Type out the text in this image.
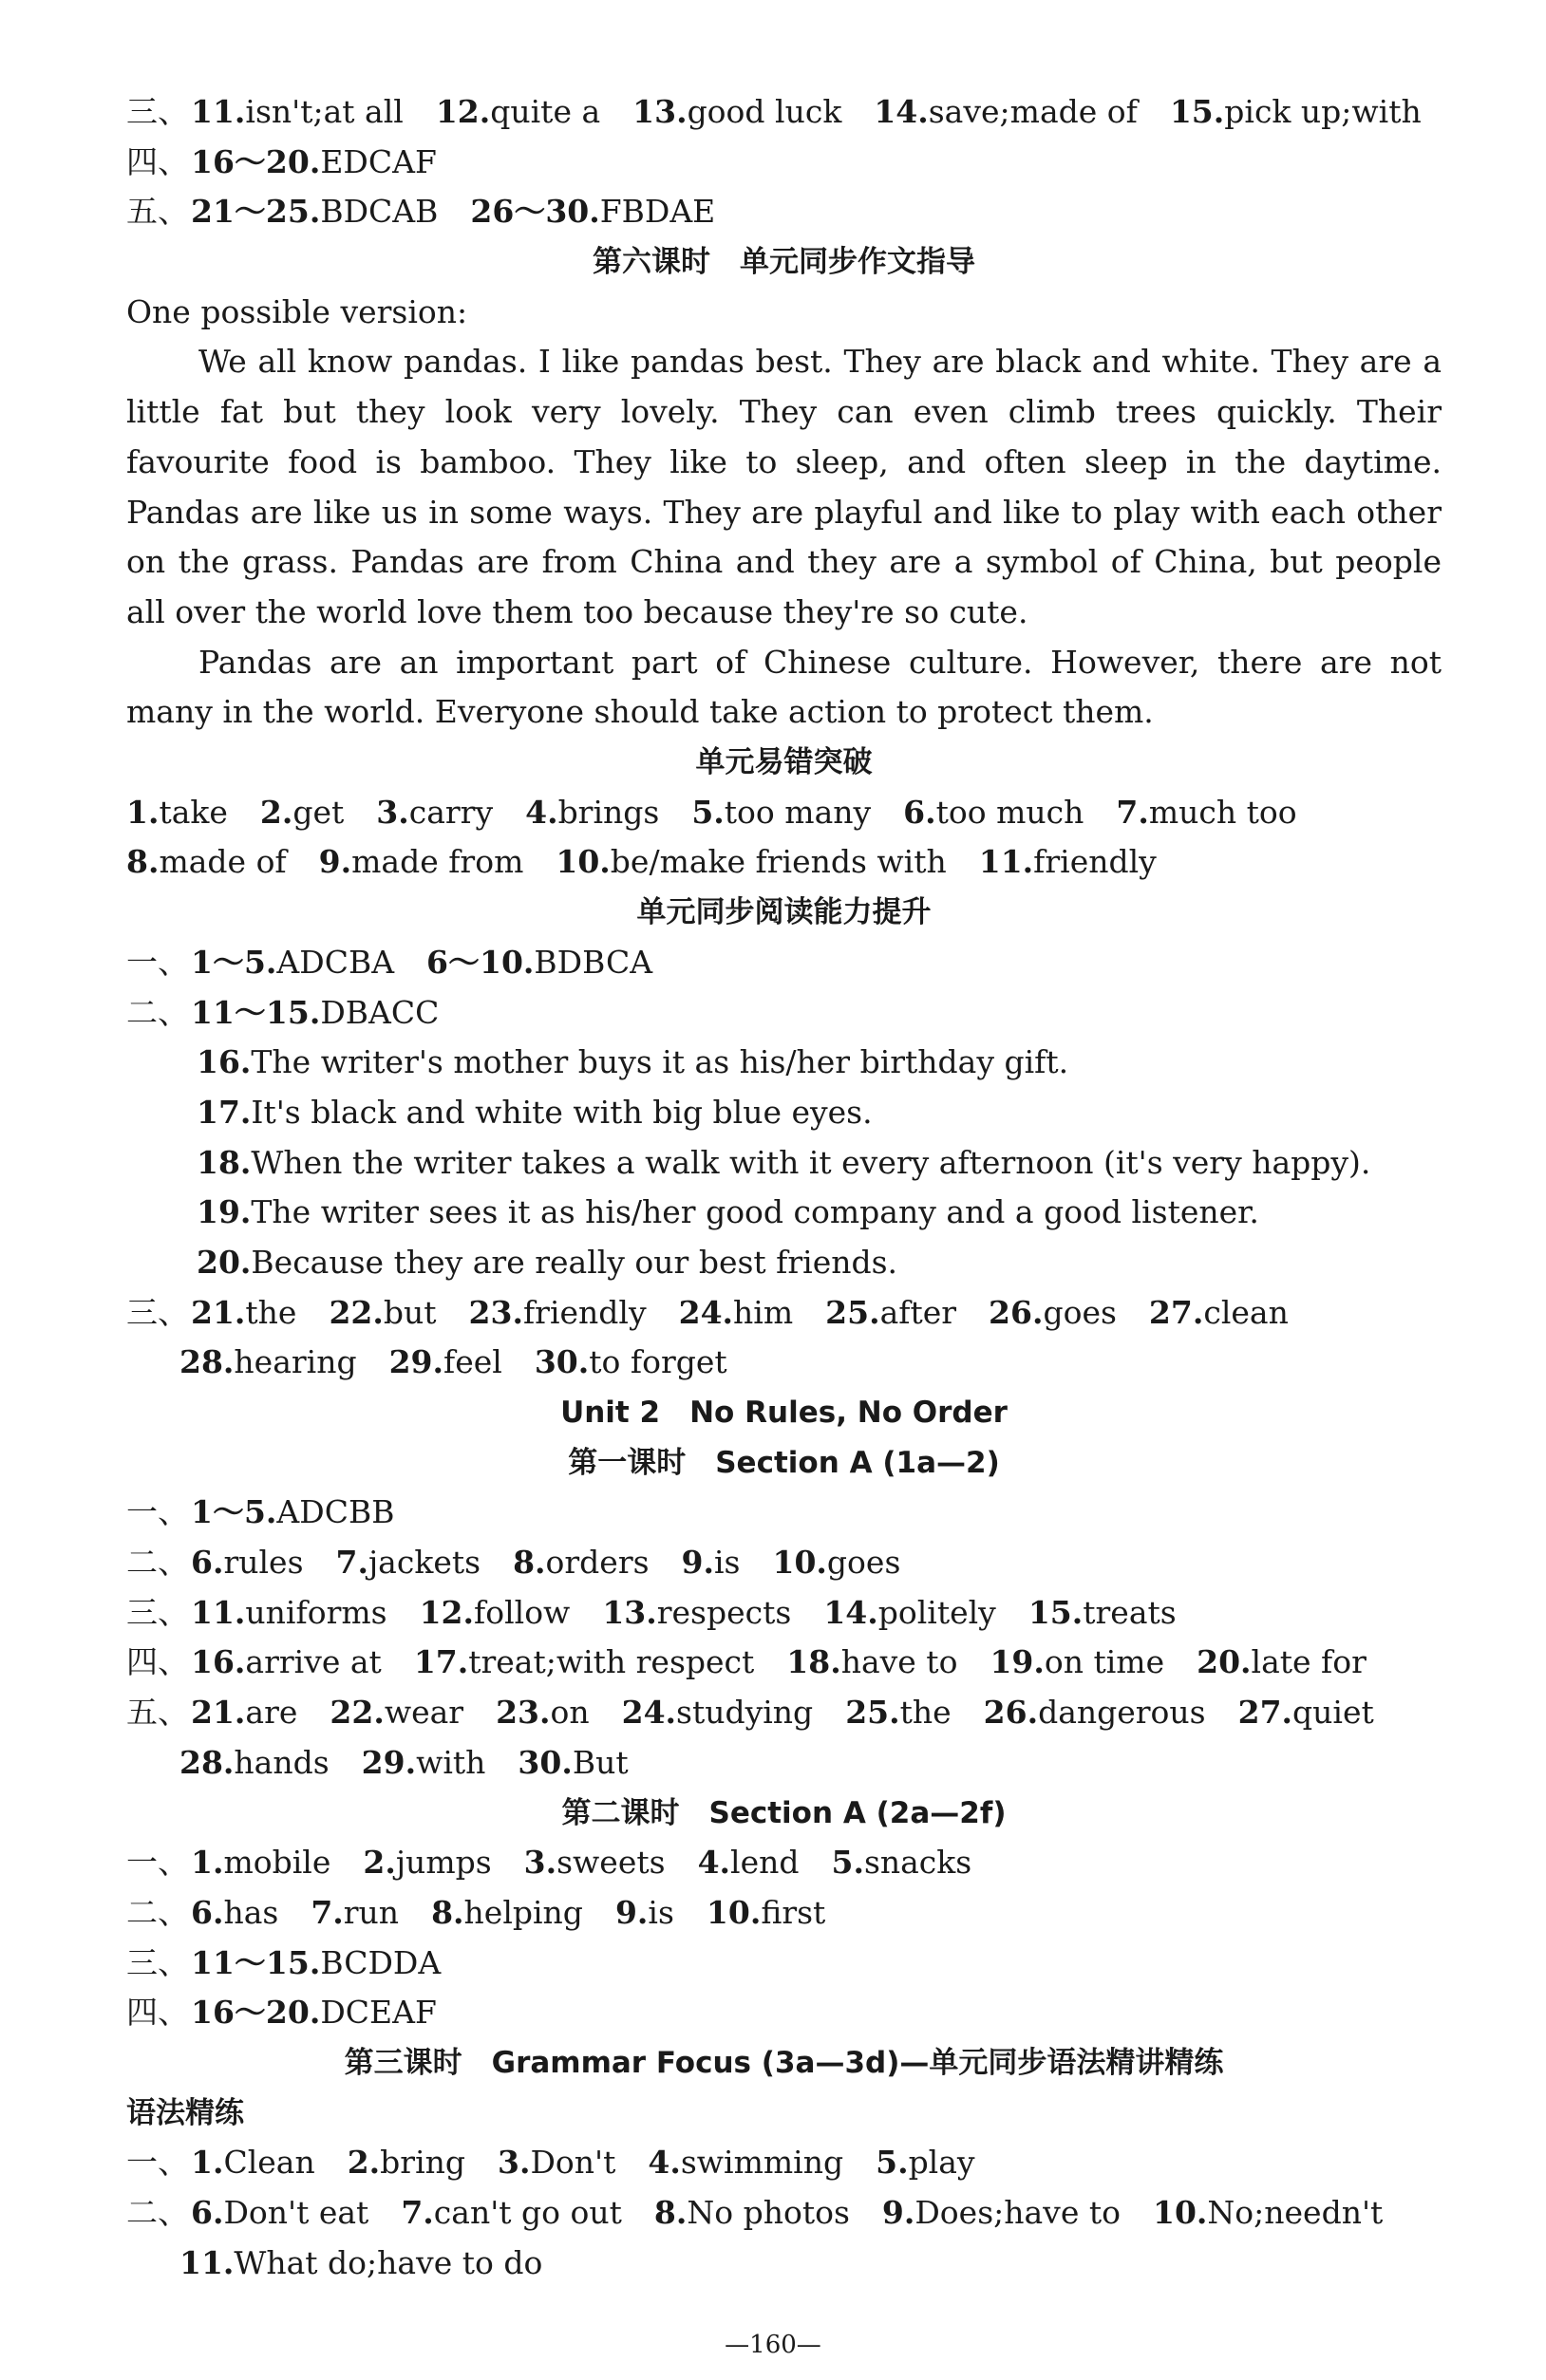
三、11.isn't;at all 12.quite a 13.good luck 14.save;made of 15.pick up;with
四、16～20.EDCAF
五、21～25.BDCAB 26～30.FBDAE
第六课时　单元同步作文指导
One possible version:
We all know pandas. I like pandas best. They are black and white. They are a little fat but they look very lovely. They can even climb trees quickly. Their favourite food is bamboo. They like to sleep, and often sleep in the daytime. Pandas are like us in some ways. They are playful and like to play with each other on the grass. Pandas are from China and they are a symbol of China, but people all over the world love them too because they're so cute.
Pandas are an important part of Chinese culture. However, there are not many in the world. Everyone should take action to protect them.
单元易错突破
1.take 2.get 3.carry 4.brings 5.too many 6.too much 7.much too
8.made of 9.made from 10.be/make friends with 11.friendly
单元同步阅读能力提升
一、1～5.ADCBA 6～10.BDBCA
二、11～15.DBACC
16.The writer's mother buys it as his/her birthday gift.
17.It's black and white with big blue eyes.
18.When the writer takes a walk with it every afternoon (it's very happy).
19.The writer sees it as his/her good company and a good listener.
20.Because they are really our best friends.
三、21.the 22.but 23.friendly 24.him 25.after 26.goes 27.clean
28.hearing 29.feel 30.to forget
Unit 2　No Rules, No Order
第一课时　Section A (1a—2)
一、1～5.ADCBB
二、6.rules 7.jackets 8.orders 9.is 10.goes
三、11.uniforms 12.follow 13.respects 14.politely 15.treats
四、16.arrive at 17.treat;with respect 18.have to 19.on time 20.late for
五、21.are 22.wear 23.on 24.studying 25.the 26.dangerous 27.quiet
28.hands 29.with 30.But
第二课时　Section A (2a—2f)
一、1.mobile 2.jumps 3.sweets 4.lend 5.snacks
二、6.has 7.run 8.helping 9.is 10.first
三、11～15.BCDDA
四、16～20.DCEAF
第三课时　Grammar Focus (3a—3d)—单元同步语法精讲精练
语法精练
一、1.Clean 2.bring 3.Don't 4.swimming 5.play
二、6.Don't eat 7.can't go out 8.No photos 9.Does;have to 10.No;needn't
11.What do;have to do
—160—
